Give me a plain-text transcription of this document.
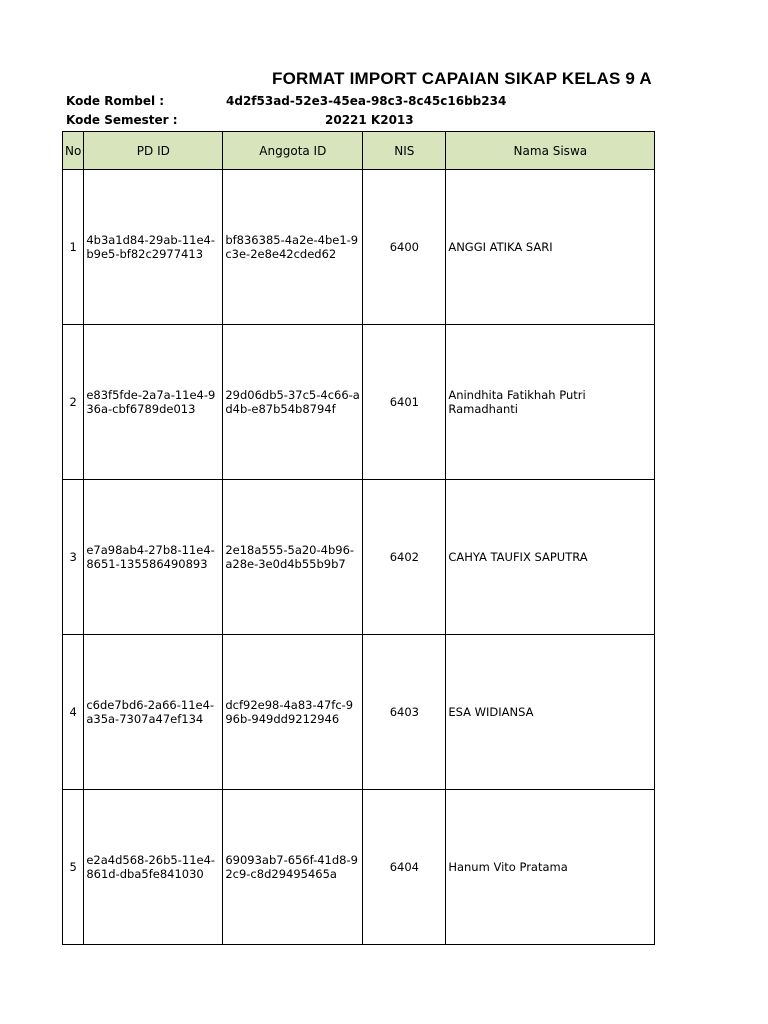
FORMAT IMPORT CAPAIAN SIKAP KELAS 9 A
Kode Rombel :	4d2f53ad-52e3-45ea-98c3-8c45c16bb234
Kode Semester :	20221 K2013
No	PD ID	Anggota ID	NIS	Nama Siswa
1	4b3a1d84-29ab-11e4-b9e5-bf82c2977413	bf836385-4a2e-4be1-9c3e-2e8e42cded62	6400	ANGGI ATIKA SARI
2	e83f5fde-2a7a-11e4-936a-cbf6789de013	29d06db5-37c5-4c66-ad4b-e87b54b8794f	6401	Anindhita Fatikhah Putri Ramadhanti
3	e7a98ab4-27b8-11e4-8651-135586490893	2e18a555-5a20-4b96-a28e-3e0d4b55b9b7	6402	CAHYA TAUFIX SAPUTRA
4	c6de7bd6-2a66-11e4-a35a-7307a47ef134	dcf92e98-4a83-47fc-996b-949dd9212946	6403	ESA WIDIANSA
5	e2a4d568-26b5-11e4-861d-dba5fe841030	69093ab7-656f-41d8-92c9-c8d29495465a	6404	Hanum Vito Pratama
